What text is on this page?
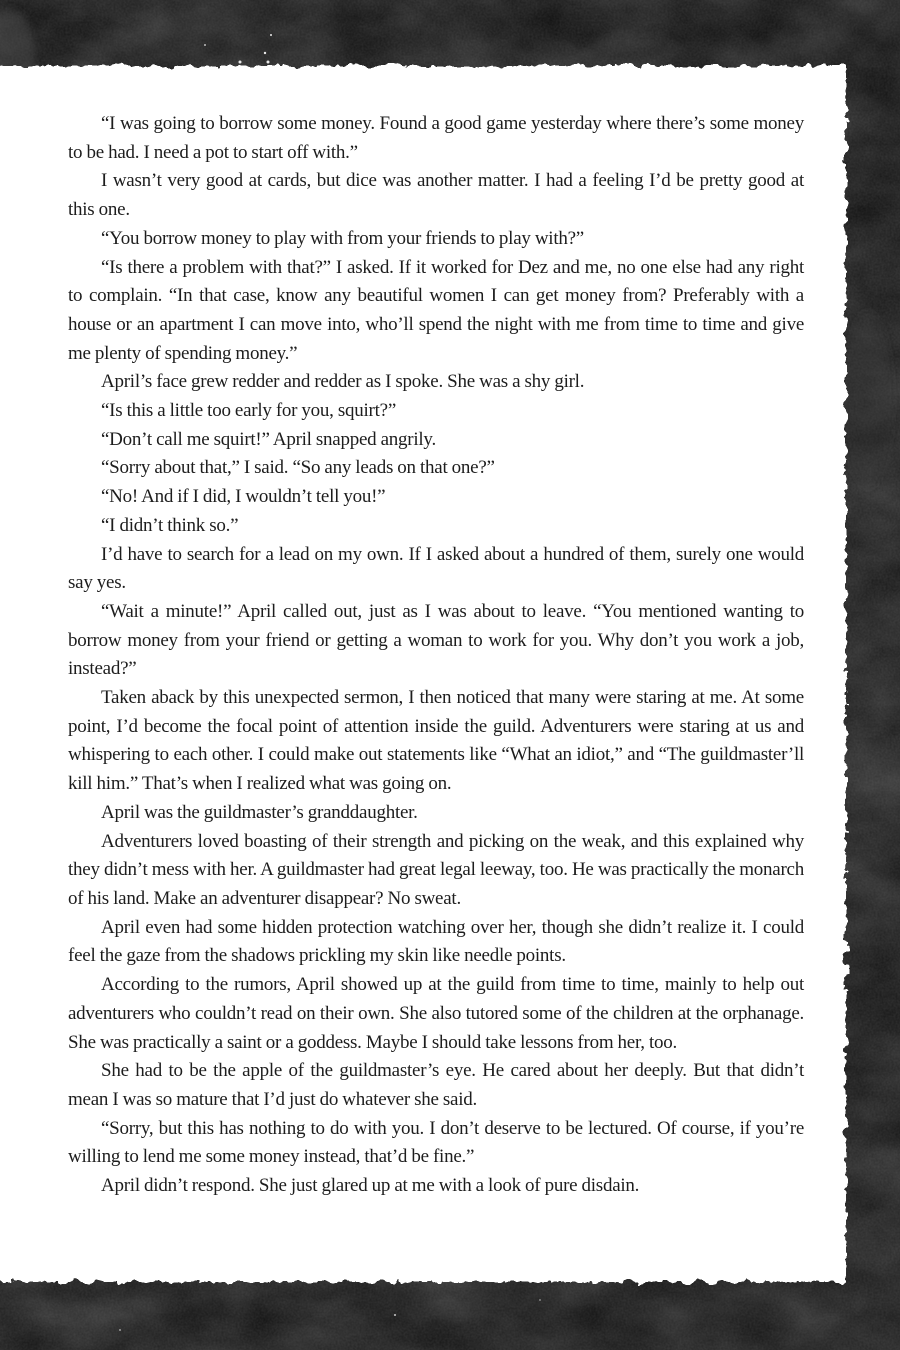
“I was going to borrow some money. Found a good game yesterday where there’s some money to be had. I need a pot to start off with.”

I wasn’t very good at cards, but dice was another matter. I had a feeling I’d be pretty good at this one.

“You borrow money to play with from your friends to play with?”

“Is there a problem with that?” I asked. If it worked for Dez and me, no one else had any right to complain. “In that case, know any beautiful women I can get money from? Preferably with a house or an apartment I can move into, who’ll spend the night with me from time to time and give me plenty of spending money.”

April’s face grew redder and redder as I spoke. She was a shy girl.

“Is this a little too early for you, squirt?”

“Don’t call me squirt!” April snapped angrily.

“Sorry about that,” I said. “So any leads on that one?”

“No! And if I did, I wouldn’t tell you!”

“I didn’t think so.”

I’d have to search for a lead on my own. If I asked about a hundred of them, surely one would say yes.

“Wait a minute!” April called out, just as I was about to leave. “You mentioned wanting to borrow money from your friend or getting a woman to work for you. Why don’t you work a job, instead?”

Taken aback by this unexpected sermon, I then noticed that many were staring at me. At some point, I’d become the focal point of attention inside the guild. Adventurers were staring at us and whispering to each other. I could make out statements like “What an idiot,” and “The guildmaster’ll kill him.” That’s when I realized what was going on.

April was the guildmaster’s granddaughter.

Adventurers loved boasting of their strength and picking on the weak, and this explained why they didn’t mess with her. A guildmaster had great legal leeway, too. He was practically the monarch of his land. Make an adventurer disappear? No sweat.

April even had some hidden protection watching over her, though she didn’t realize it. I could feel the gaze from the shadows prickling my skin like needle points.

According to the rumors, April showed up at the guild from time to time, mainly to help out adventurers who couldn’t read on their own. She also tutored some of the children at the orphanage. She was practically a saint or a goddess. Maybe I should take lessons from her, too.

She had to be the apple of the guildmaster’s eye. He cared about her deeply. But that didn’t mean I was so mature that I’d just do whatever she said.

“Sorry, but this has nothing to do with you. I don’t deserve to be lectured. Of course, if you’re willing to lend me some money instead, that’d be fine.”

April didn’t respond. She just glared up at me with a look of pure disdain.
